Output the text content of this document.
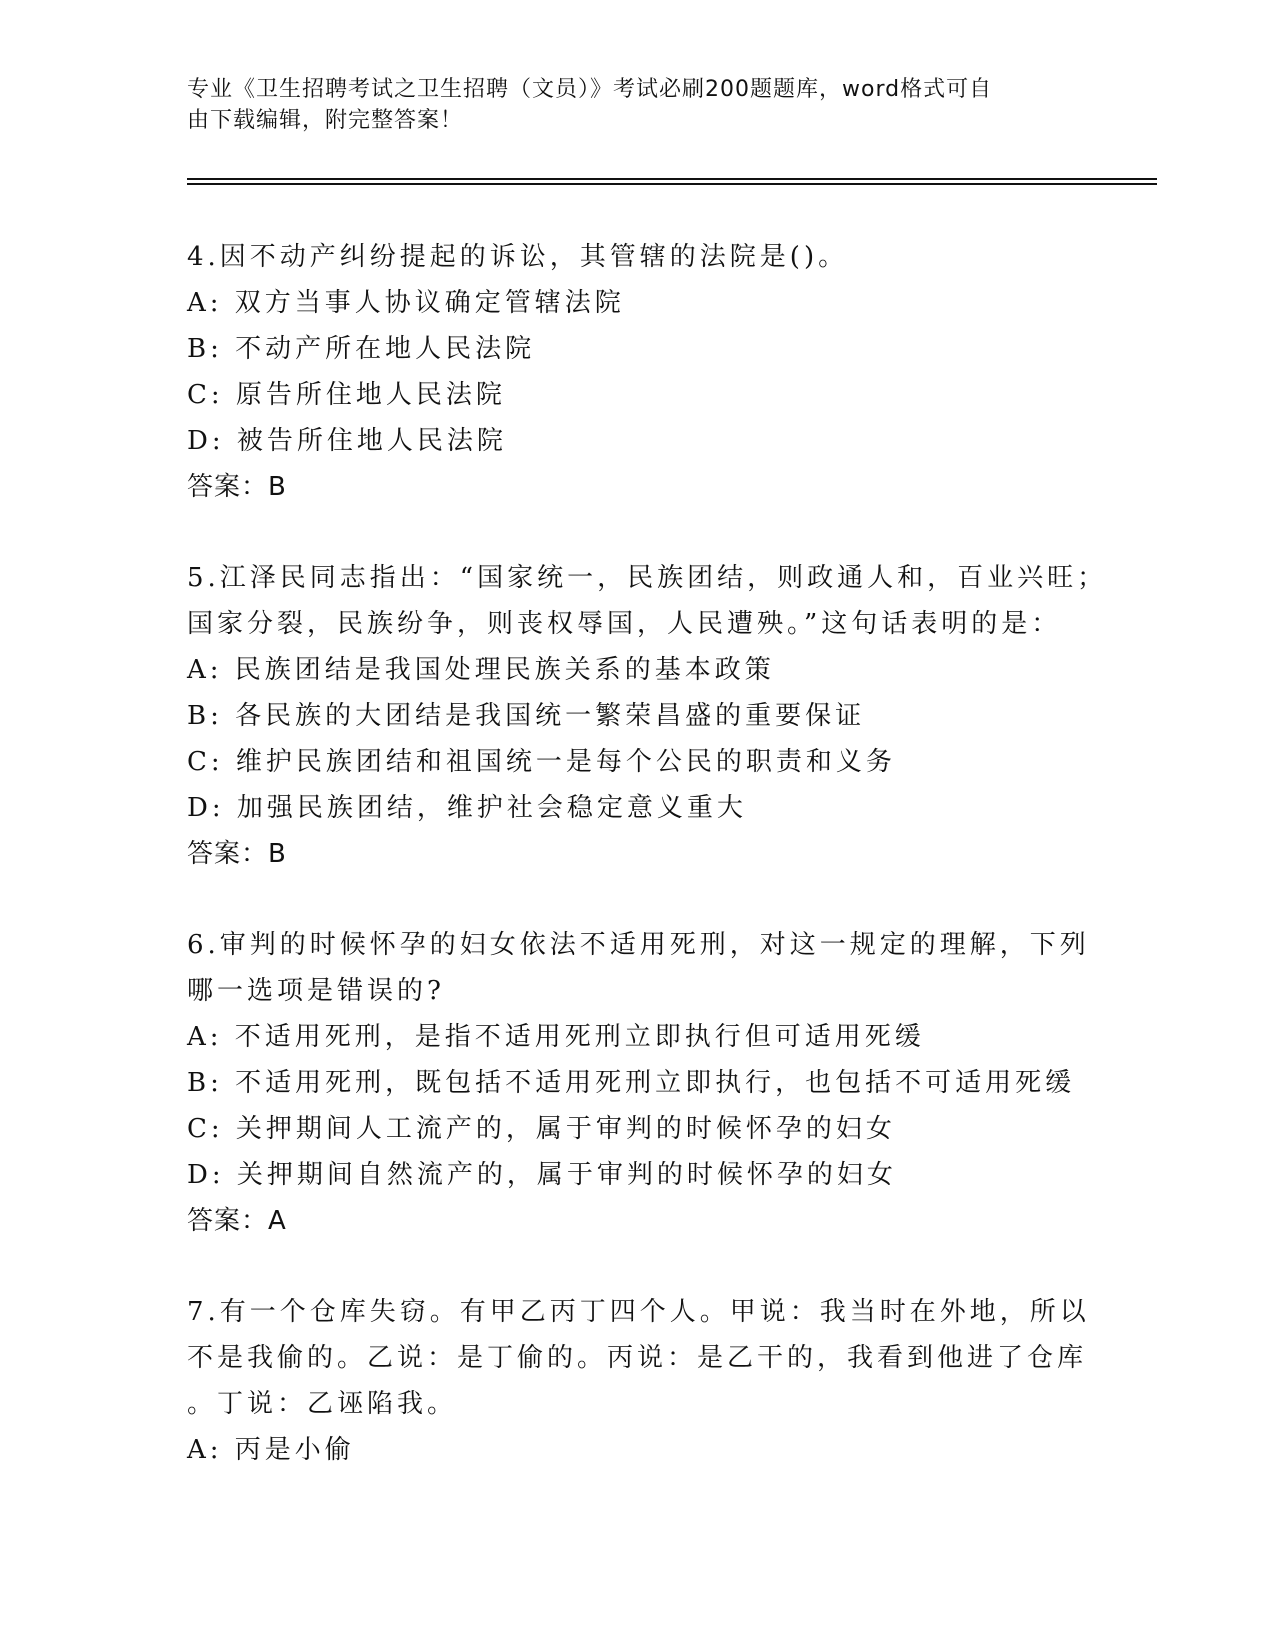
专业《卫生招聘考试之卫生招聘（文员）》考试必刷200题题库，word格式可自
由下载编辑，附完整答案！
4.因不动产纠纷提起的诉讼，其管辖的法院是()。
A: 双方当事人协议确定管辖法院
B: 不动产所在地人民法院
C: 原告所住地人民法院
D: 被告所住地人民法院
答案：B
5.江泽民同志指出：“国家统一，民族团结，则政通人和，百业兴旺；
国家分裂，民族纷争，则丧权辱国，人民遭殃。”这句话表明的是：
A: 民族团结是我国处理民族关系的基本政策
B: 各民族的大团结是我国统一繁荣昌盛的重要保证
C: 维护民族团结和祖国统一是每个公民的职责和义务
D: 加强民族团结，维护社会稳定意义重大
答案：B
6.审判的时候怀孕的妇女依法不适用死刑，对这一规定的理解，下列
哪一选项是错误的?
A: 不适用死刑，是指不适用死刑立即执行但可适用死缓
B: 不适用死刑，既包括不适用死刑立即执行，也包括不可适用死缓
C: 关押期间人工流产的，属于审判的时候怀孕的妇女
D: 关押期间自然流产的，属于审判的时候怀孕的妇女
答案：A
7.有一个仓库失窃。有甲乙丙丁四个人。甲说：我当时在外地，所以
不是我偷的。乙说：是丁偷的。丙说：是乙干的，我看到他进了仓库
。丁说：乙诬陷我。
A: 丙是小偷
